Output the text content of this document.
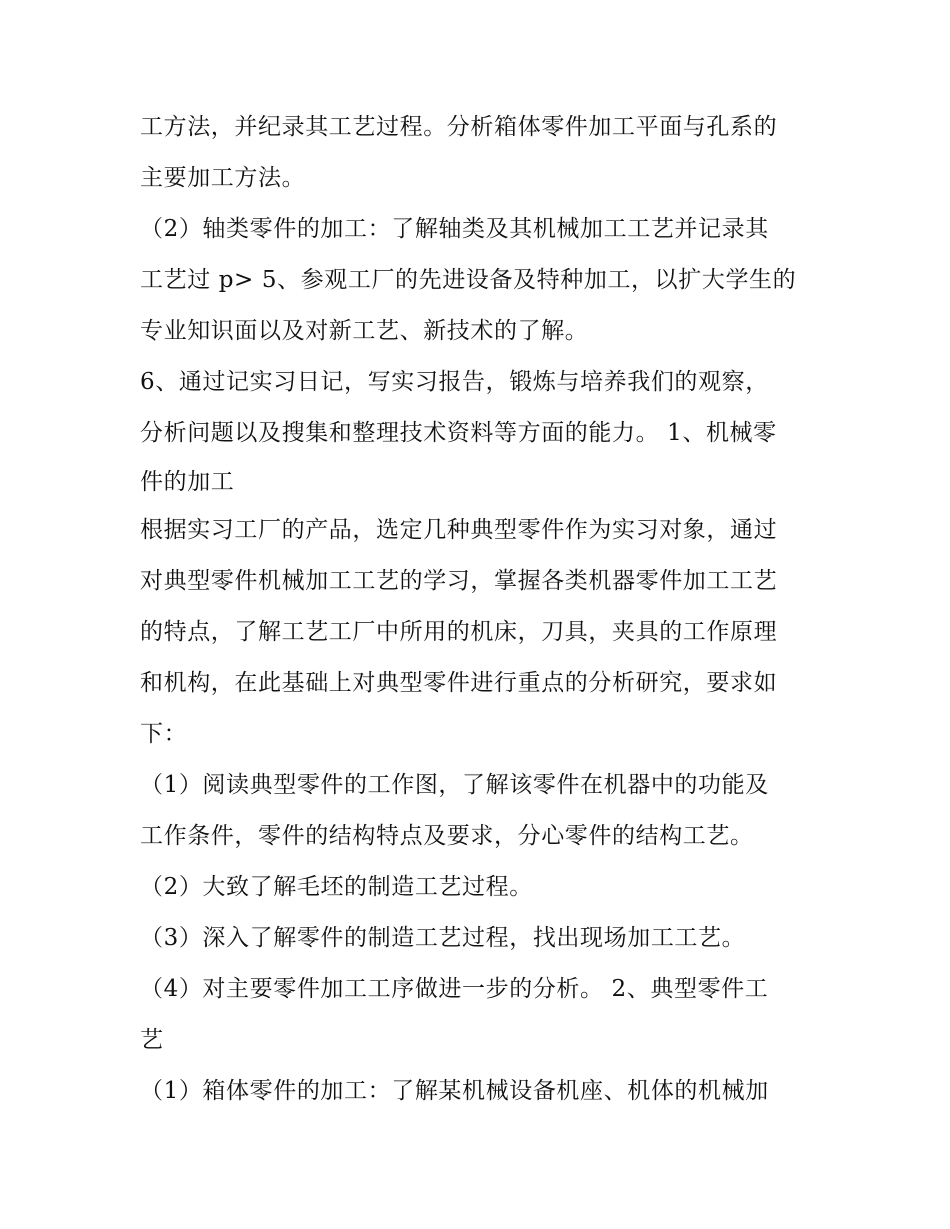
工方法，并纪录其工艺过程。分析箱体零件加工平面与孔系的
主要加工方法。
（2）轴类零件的加工：了解轴类及其机械加工工艺并记录其
工艺过 p> 5、参观工厂的先进设备及特种加工，以扩大学生的
专业知识面以及对新工艺、新技术的了解。
6、通过记实习日记，写实习报告，锻炼与培养我们的观察，
分析问题以及搜集和整理技术资料等方面的能力。 1、机械零
件的加工
根据实习工厂的产品，选定几种典型零件作为实习对象，通过
对典型零件机械加工工艺的学习，掌握各类机器零件加工工艺
的特点，了解工艺工厂中所用的机床，刀具，夹具的工作原理
和机构，在此基础上对典型零件进行重点的分析研究，要求如
下：
（1）阅读典型零件的工作图，了解该零件在机器中的功能及
工作条件，零件的结构特点及要求，分心零件的结构工艺。
（2）大致了解毛坯的制造工艺过程。
（3）深入了解零件的制造工艺过程，找出现场加工工艺。
（4）对主要零件加工工序做进一步的分析。 2、典型零件工
艺
（1）箱体零件的加工：了解某机械设备机座、机体的机械加
